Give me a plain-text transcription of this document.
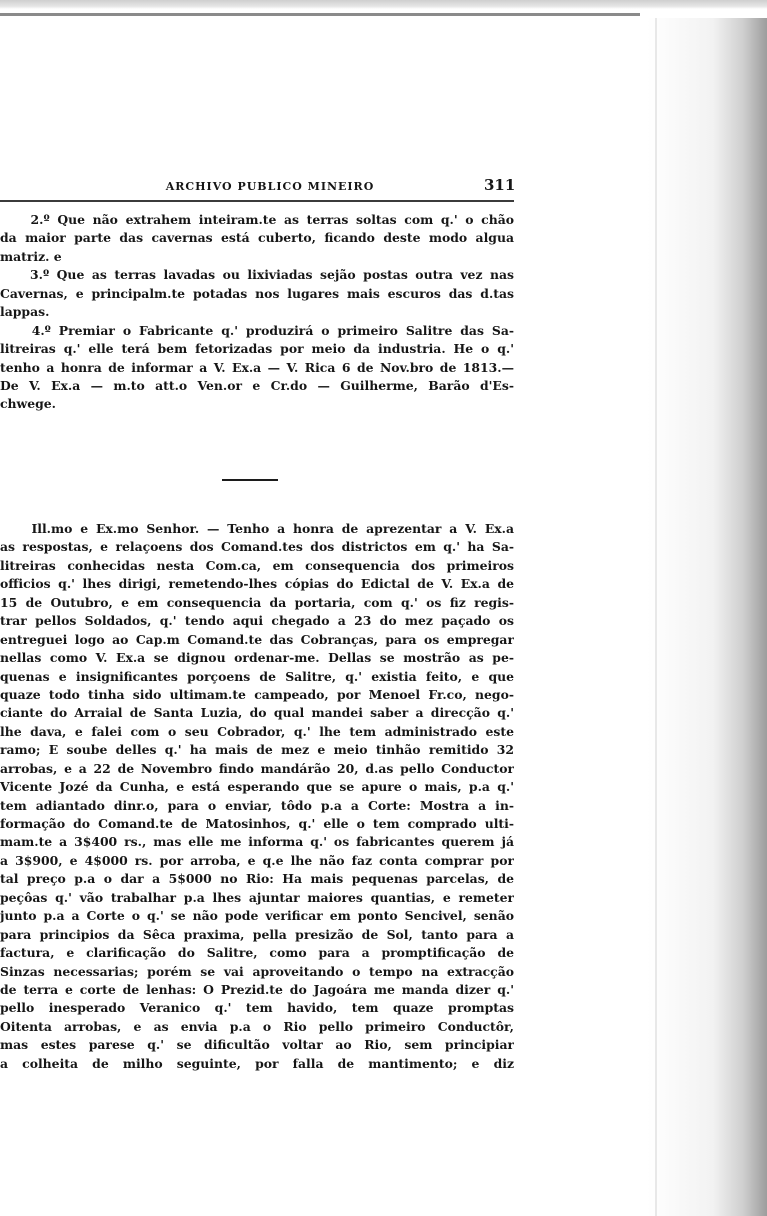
ARCHIVO PUBLICO MINEIRO	311
2.º Que não extrahem inteiram.te as terras soltas com q.' o chão
da maior parte das cavernas está cuberto, ficando deste modo algua
matriz. e
3.º Que as terras lavadas ou lixiviadas sejão postas outra vez nas
Cavernas, e principalm.te potadas nos lugares mais escuros das d.tas
lappas.
4.º Premiar o Fabricante q.' produzirá o primeiro Salitre das Sa-
litreiras q.' elle terá bem fetorizadas por meio da industria. He o q.'
tenho a honra de informar a V. Ex.a — V. Rica 6 de Nov.bro de 1813.—
De V. Ex.a — m.to att.o Ven.or e Cr.do — Guilherme, Barão d'Es-
chwege.
Ill.mo e Ex.mo Senhor. — Tenho a honra de aprezentar a V. Ex.a
as respostas, e relaçoens dos Comand.tes dos districtos em q.' ha Sa-
litreiras conhecidas nesta Com.ca, em consequencia dos primeiros
officios q.' lhes dirigi, remetendo-lhes cópias do Edictal de V. Ex.a de
15 de Outubro, e em consequencia da portaria, com q.' os fiz regis-
trar pellos Soldados, q.' tendo aqui chegado a 23 do mez paçado os
entreguei logo ao Cap.m Comand.te das Cobranças, para os empregar
nellas como V. Ex.a se dignou ordenar-me. Dellas se mostrão as pe-
quenas e insignificantes porçoens de Salitre, q.' existia feito, e que
quaze todo tinha sido ultimam.te campeado, por Menoel Fr.co, nego-
ciante do Arraial de Santa Luzia, do qual mandei saber a direcção q.'
lhe dava, e falei com o seu Cobrador, q.' lhe tem administrado este
ramo; E soube delles q.' ha mais de mez e meio tinhão remitido 32
arrobas, e a 22 de Novembro findo mandárão 20, d.as pello Conductor
Vicente Jozé da Cunha, e está esperando que se apure o mais, p.a q.'
tem adiantado dinr.o, para o enviar, tôdo p.a a Corte: Mostra a in-
formação do Comand.te de Matosinhos, q.' elle o tem comprado ulti-
mam.te a 3$400 rs., mas elle me informa q.' os fabricantes querem já
a 3$900, e 4$000 rs. por arroba, e q.e lhe não faz conta comprar por
tal preço p.a o dar a 5$000 no Rio: Ha mais pequenas parcelas, de
peçôas q.' vão trabalhar p.a lhes ajuntar maiores quantias, e remeter
junto p.a a Corte o q.' se não pode verificar em ponto Sencivel, senão
para principios da Sêca praxima, pella presizão de Sol, tanto para a
factura, e clarificação do Salitre, como para a promptificação de
Sinzas necessarias; porém se vai aproveitando o tempo na extracção
de terra e corte de lenhas: O Prezid.te do Jagoára me manda dizer q.'
pello inesperado Veranico q.' tem havido, tem quaze promptas
Oitenta arrobas, e as envia p.a o Rio pello primeiro Conductôr,
mas estes parese q.' se dificultão voltar ao Rio, sem principiar
a colheita de milho seguinte, por falla de mantimento; e diz
